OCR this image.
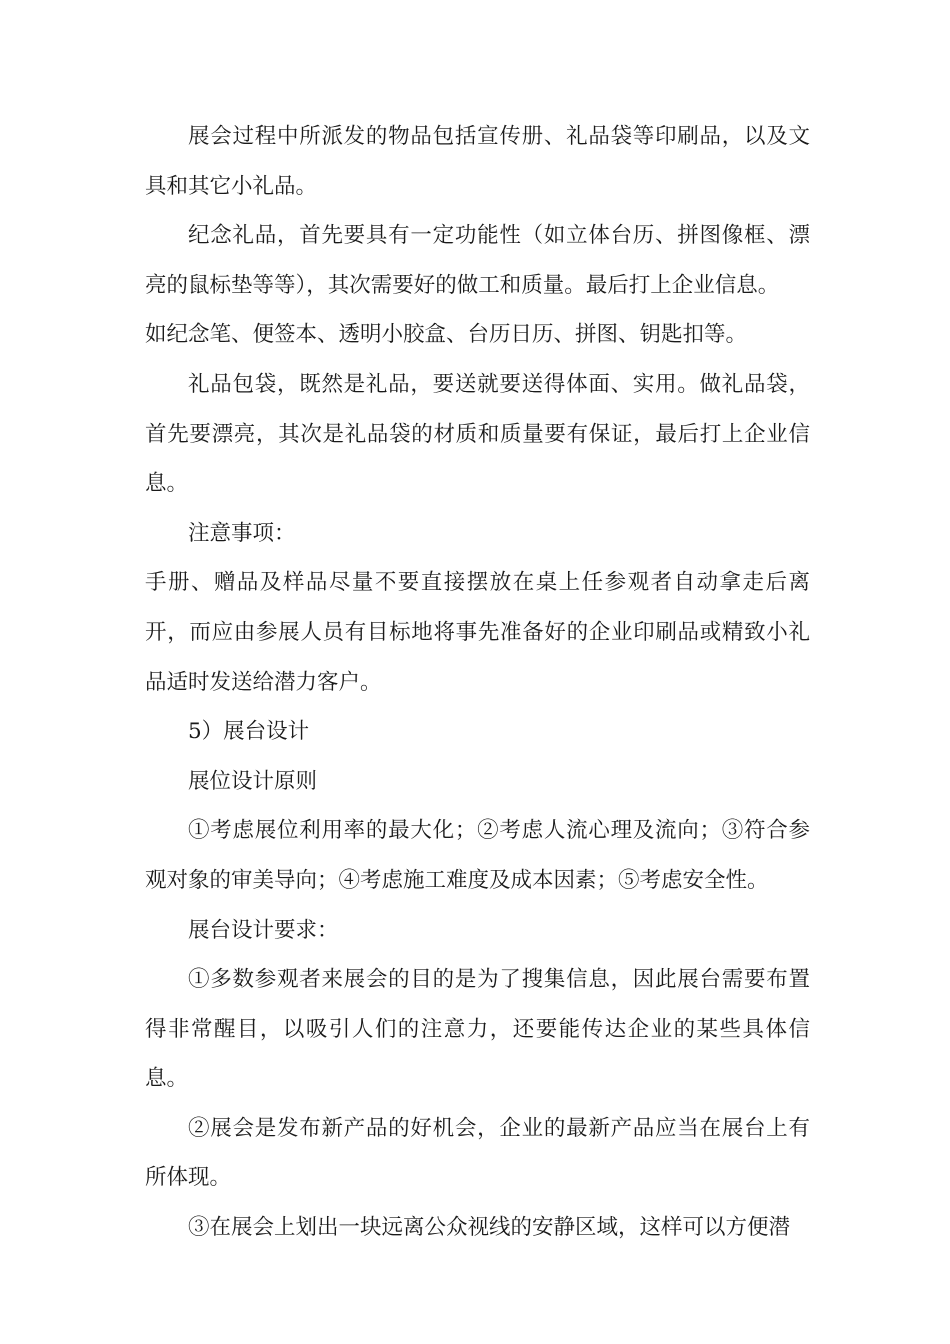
展会过程中所派发的物品包括宣传册、礼品袋等印刷品，以及文具和其它小礼品。

纪念礼品，首先要具有一定功能性（如立体台历、拼图像框、漂亮的鼠标垫等等），其次需要好的做工和质量。最后打上企业信息。

如纪念笔、便签本、透明小胶盒、台历日历、拼图、钥匙扣等。

礼品包袋，既然是礼品，要送就要送得体面、实用。做礼品袋，首先要漂亮，其次是礼品袋的材质和质量要有保证，最后打上企业信息。

注意事项：

手册、赠品及样品尽量不要直接摆放在桌上任参观者自动拿走后离开，而应由参展人员有目标地将事先准备好的企业印刷品或精致小礼品适时发送给潜力客户。

5）展台设计

展位设计原则

①考虑展位利用率的最大化；②考虑人流心理及流向；③符合参观对象的审美导向；④考虑施工难度及成本因素；⑤考虑安全性。

展台设计要求：

①多数参观者来展会的目的是为了搜集信息，因此展台需要布置得非常醒目，以吸引人们的注意力，还要能传达企业的某些具体信息。

②展会是发布新产品的好机会，企业的最新产品应当在展台上有所体现。

③在展会上划出一块远离公众视线的安静区域，这样可以方便潜
